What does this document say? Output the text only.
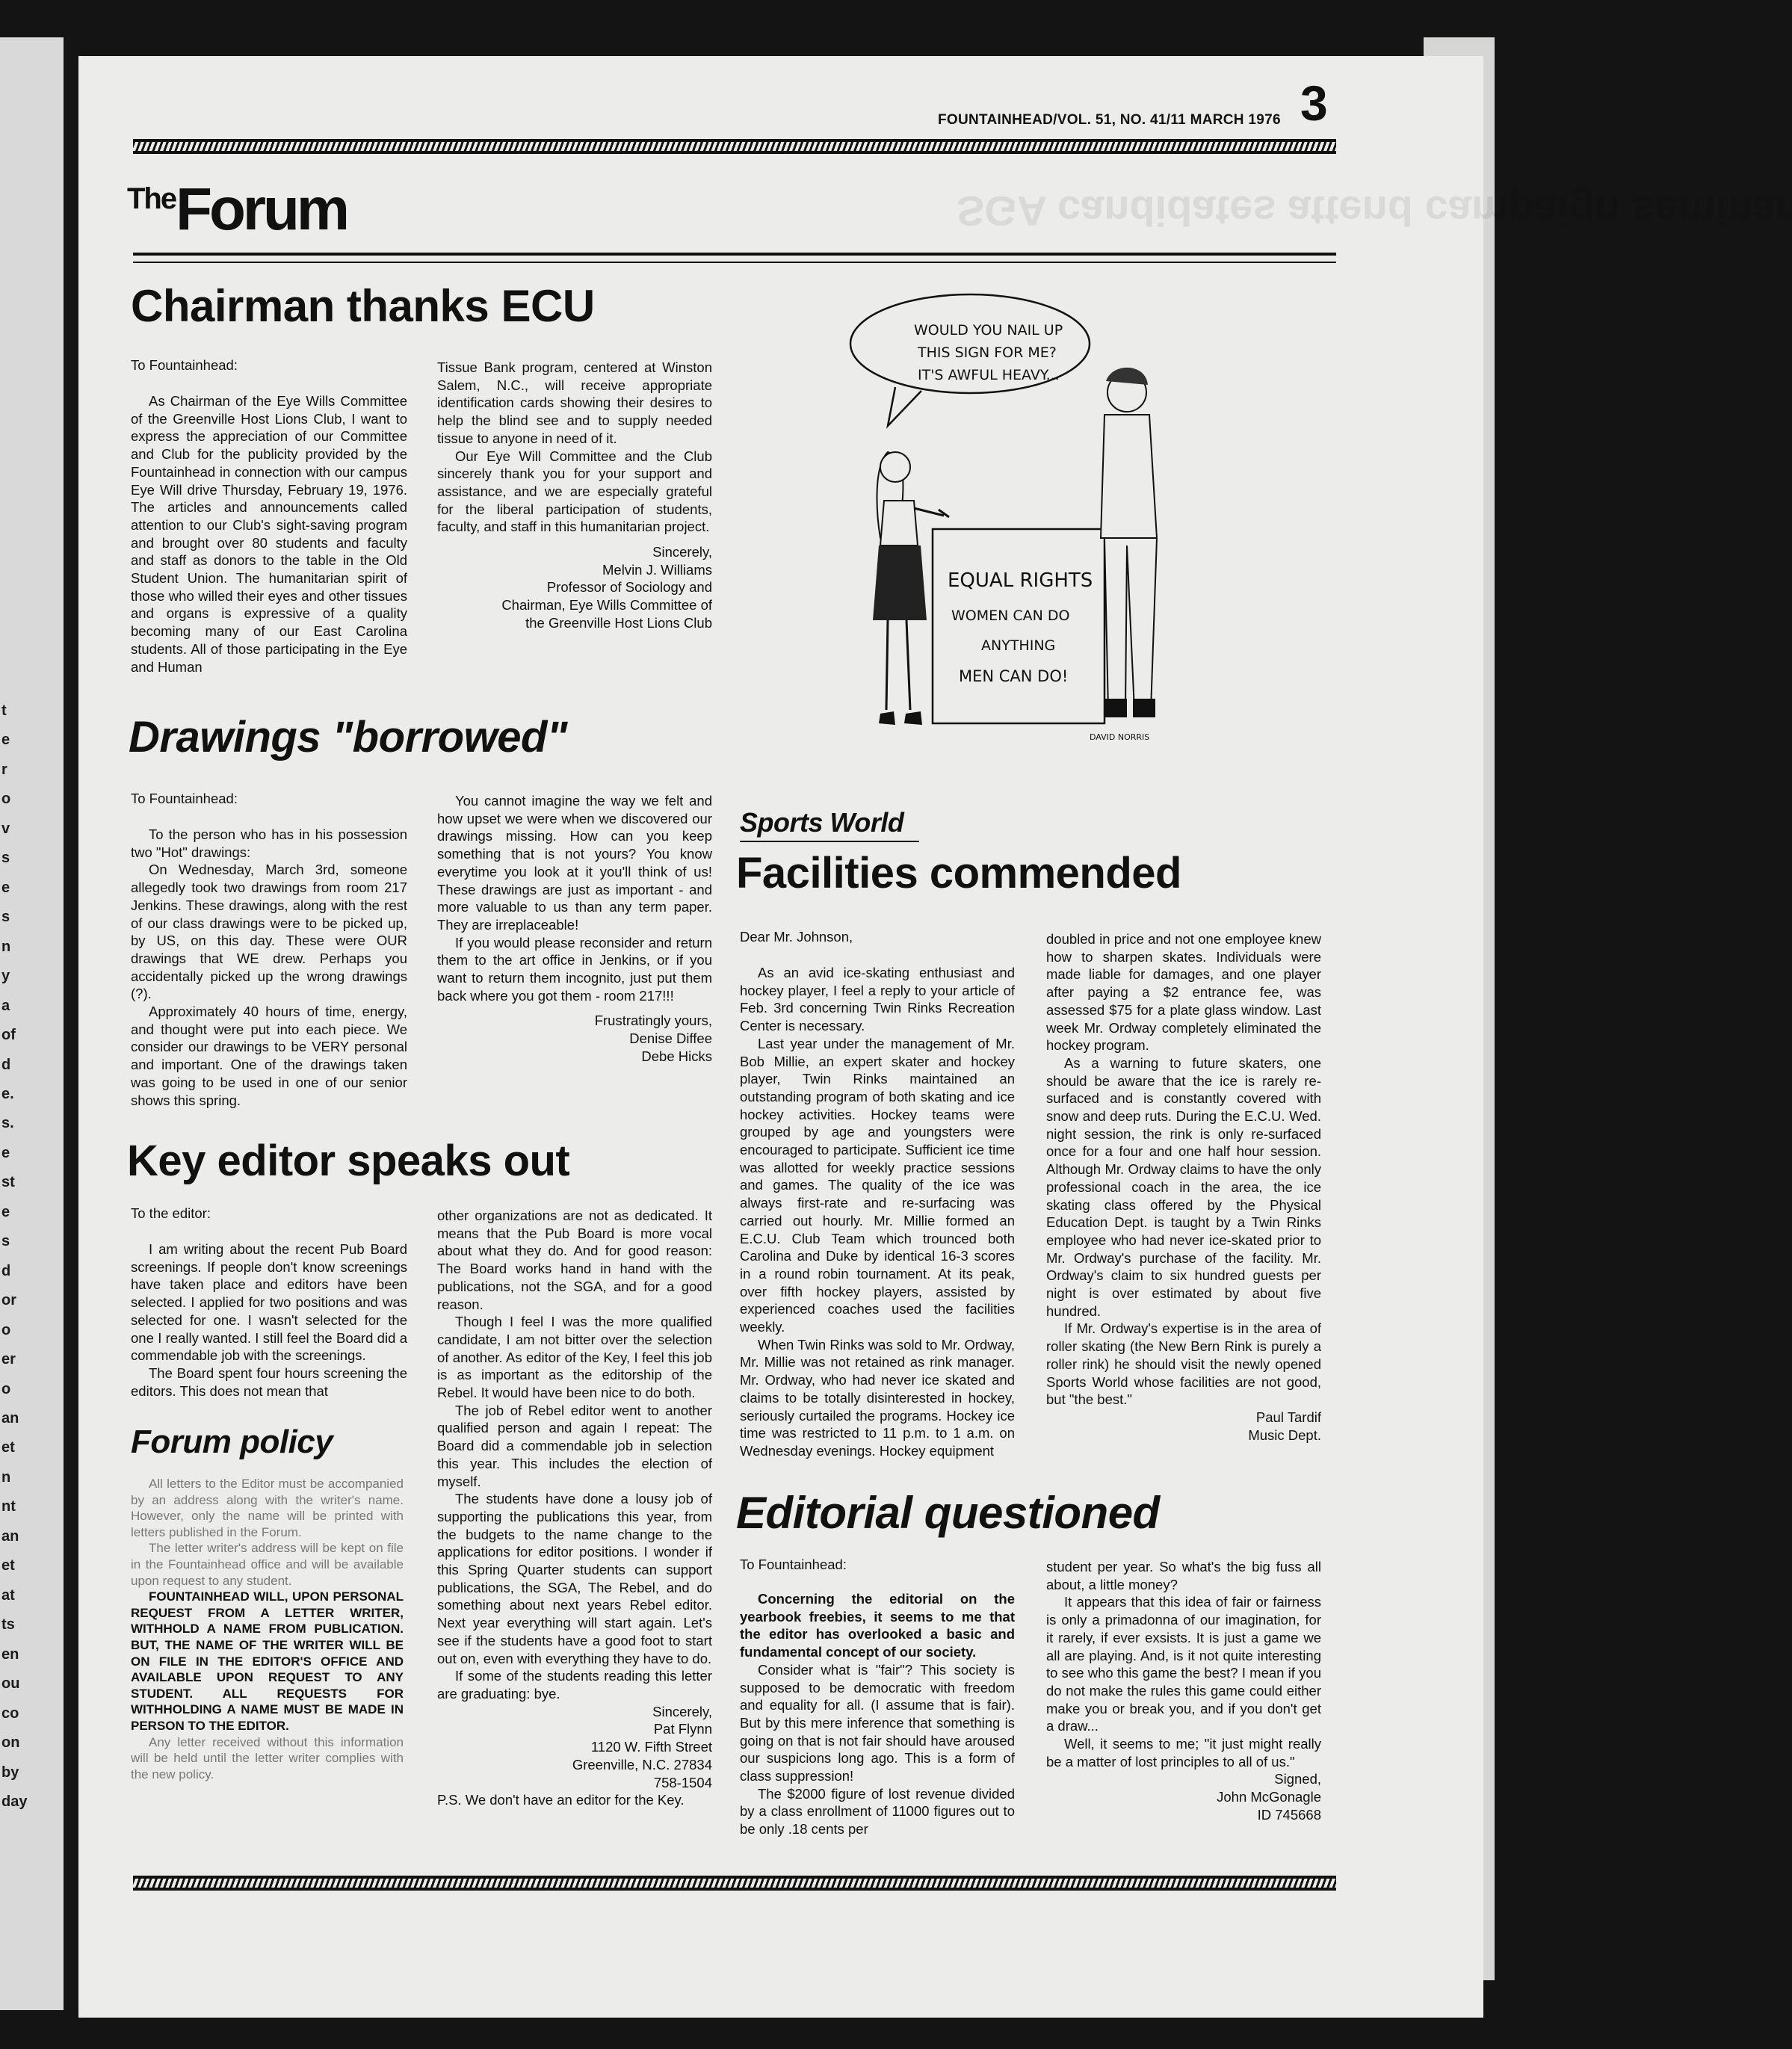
SGA candidates attend campaign seminar
FOUNTAINHEAD/VOL. 51, NO. 41/11 MARCH 1976 3
TheForum
Chairman thanks ECU
To Fountainhead:

As Chairman of the Eye Wills Committee of the Greenville Host Lions Club, I want to express the appreciation of our Committee and Club for the publicity provided by the Fountainhead in connection with our campus Eye Will drive Thursday, February 19, 1976. The articles and announcements called attention to our Club's sight-saving program and brought over 80 students and faculty and staff as donors to the table in the Old Student Union. The humanitarian spirit of those who willed their eyes and other tissues and organs is expressive of a quality becoming many of our East Carolina students. All of those participating in the Eye and Human

Tissue Bank program, centered at Winston Salem, N.C., will receive appropriate identification cards showing their desires to help the blind see and to supply needed tissue to anyone in need of it.

Our Eye Will Committee and the Club sincerely thank you for your support and assistance, and we are especially grateful for the liberal participation of students, faculty, and staff in this humanitarian project.

Sincerely,

Melvin J. Williams

Professor of Sociology and

Chairman, Eye Wills Committee of

the Greenville Host Lions Club

WOULD YOU NAIL UP
THIS SIGN FOR ME?
IT'S AWFUL HEAVY...
EQUAL RIGHTS
WOMEN CAN DO
ANYTHING
MEN CAN DO!
DAVID NORRIS
Drawings "borrowed"
To Fountainhead:

To the person who has in his possession two "Hot" drawings:

On Wednesday, March 3rd, someone allegedly took two drawings from room 217 Jenkins. These drawings, along with the rest of our class drawings were to be picked up, by US, on this day. These were OUR drawings that WE drew. Perhaps you accidentally picked up the wrong drawings (?).

Approximately 40 hours of time, energy, and thought were put into each piece. We consider our drawings to be VERY personal and important. One of the drawings taken was going to be used in one of our senior shows this spring.

You cannot imagine the way we felt and how upset we were when we discovered our drawings missing. How can you keep something that is not yours? You know everytime you look at it you'll think of us! These drawings are just as important - and more valuable to us than any term paper. They are irreplaceable!

If you would please reconsider and return them to the art office in Jenkins, or if you want to return them incognito, just put them back where you got them - room 217!!!

Frustratingly yours,

Denise Diffee

Debe Hicks

Key editor speaks out
To the editor:

I am writing about the recent Pub Board screenings. If people don't know screenings have taken place and editors have been selected. I applied for two positions and was selected for one. I wasn't selected for the one I really wanted. I still feel the Board did a commendable job with the screenings.

The Board spent four hours screening the editors. This does not mean that

other organizations are not as dedicated. It means that the Pub Board is more vocal about what they do. And for good reason: The Board works hand in hand with the publications, not the SGA, and for a good reason.

Though I feel I was the more qualified candidate, I am not bitter over the selection of another. As editor of the Key, I feel this job is as important as the editorship of the Rebel. It would have been nice to do both.

The job of Rebel editor went to another qualified person and again I repeat: The Board did a commendable job in selection this year. This includes the election of myself.

The students have done a lousy job of supporting the publications this year, from the budgets to the name change to the applications for editor positions. I wonder if this Spring Quarter students can support publications, the SGA, The Rebel, and do something about next years Rebel editor. Next year everything will start again. Let's see if the students have a good foot to start out on, even with everything they have to do.

If some of the students reading this letter are graduating: bye.

Sincerely,

Pat Flynn

1120 W. Fifth Street

Greenville, N.C. 27834

758-1504

P.S. We don't have an editor for the Key.

Forum policy

All letters to the Editor must be accompanied by an address along with the writer's name. However, only the name will be printed with letters published in the Forum.

The letter writer's address will be kept on file in the Fountainhead office and will be available upon request to any student.

FOUNTAINHEAD WILL, UPON PERSONAL REQUEST FROM A LETTER WRITER, WITHHOLD A NAME FROM PUBLICATION. BUT, THE NAME OF THE WRITER WILL BE ON FILE IN THE EDITOR'S OFFICE AND AVAILABLE UPON REQUEST TO ANY STUDENT. ALL REQUESTS FOR WITHHOLDING A NAME MUST BE MADE IN PERSON TO THE EDITOR.

Any letter received without this information will be held until the letter writer complies with the new policy.

Sports World
Facilities commended
Dear Mr. Johnson,

As an avid ice-skating enthusiast and hockey player, I feel a reply to your article of Feb. 3rd concerning Twin Rinks Recreation Center is necessary.

Last year under the management of Mr. Bob Millie, an expert skater and hockey player, Twin Rinks maintained an outstanding program of both skating and ice hockey activities. Hockey teams were grouped by age and youngsters were encouraged to participate. Sufficient ice time was allotted for weekly practice sessions and games. The quality of the ice was always first-rate and re-surfacing was carried out hourly. Mr. Millie formed an E.C.U. Club Team which trounced both Carolina and Duke by identical 16-3 scores in a round robin tournament. At its peak, over fifth hockey players, assisted by experienced coaches used the facilities weekly.

When Twin Rinks was sold to Mr. Ordway, Mr. Millie was not retained as rink manager. Mr. Ordway, who had never ice skated and claims to be totally disinterested in hockey, seriously curtailed the programs. Hockey ice time was restricted to 11 p.m. to 1 a.m. on Wednesday evenings. Hockey equipment

doubled in price and not one employee knew how to sharpen skates. Individuals were made liable for damages, and one player after paying a $2 entrance fee, was assessed $75 for a plate glass window. Last week Mr. Ordway completely eliminated the hockey program.

As a warning to future skaters, one should be aware that the ice is rarely re-surfaced and is constantly covered with snow and deep ruts. During the E.C.U. Wed. night session, the rink is only re-surfaced once for a four and one half hour session. Although Mr. Ordway claims to have the only professional coach in the area, the ice skating class offered by the Physical Education Dept. is taught by a Twin Rinks employee who had never ice-skated prior to Mr. Ordway's purchase of the facility. Mr. Ordway's claim to six hundred guests per night is over estimated by about five hundred.

If Mr. Ordway's expertise is in the area of roller skating (the New Bern Rink is purely a roller rink) he should visit the newly opened Sports World whose facilities are not good, but "the best."

Paul Tardif

Music Dept.

Editorial questioned
To Fountainhead:

Concerning the editorial on the yearbook freebies, it seems to me that the editor has overlooked a basic and fundamental concept of our society.

Consider what is "fair"? This society is supposed to be democratic with freedom and equality for all. (I assume that is fair). But by this mere inference that something is going on that is not fair should have aroused our suspicions long ago. This is a form of class suppression!

The $2000 figure of lost revenue divided by a class enrollment of 11000 figures out to be only .18 cents per

student per year. So what's the big fuss all about, a little money?

It appears that this idea of fair or fairness is only a primadonna of our imagination, for it rarely, if ever exsists. It is just a game we all are playing. And, is it not quite interesting to see who this game the best? I mean if you do not make the rules this game could either make you or break you, and if you don't get a draw...

Well, it seems to me; "it just might really be a matter of lost principles to all of us."

Signed,

John McGonagle

ID 745668

t
e
r
o
v
s
e
s
n
y
a
of
d
e.
s.
e
st
e
s
d
or
o
er
o
an
et
n
nt
an
et
at
ts
en
ou
co
on
by
day
